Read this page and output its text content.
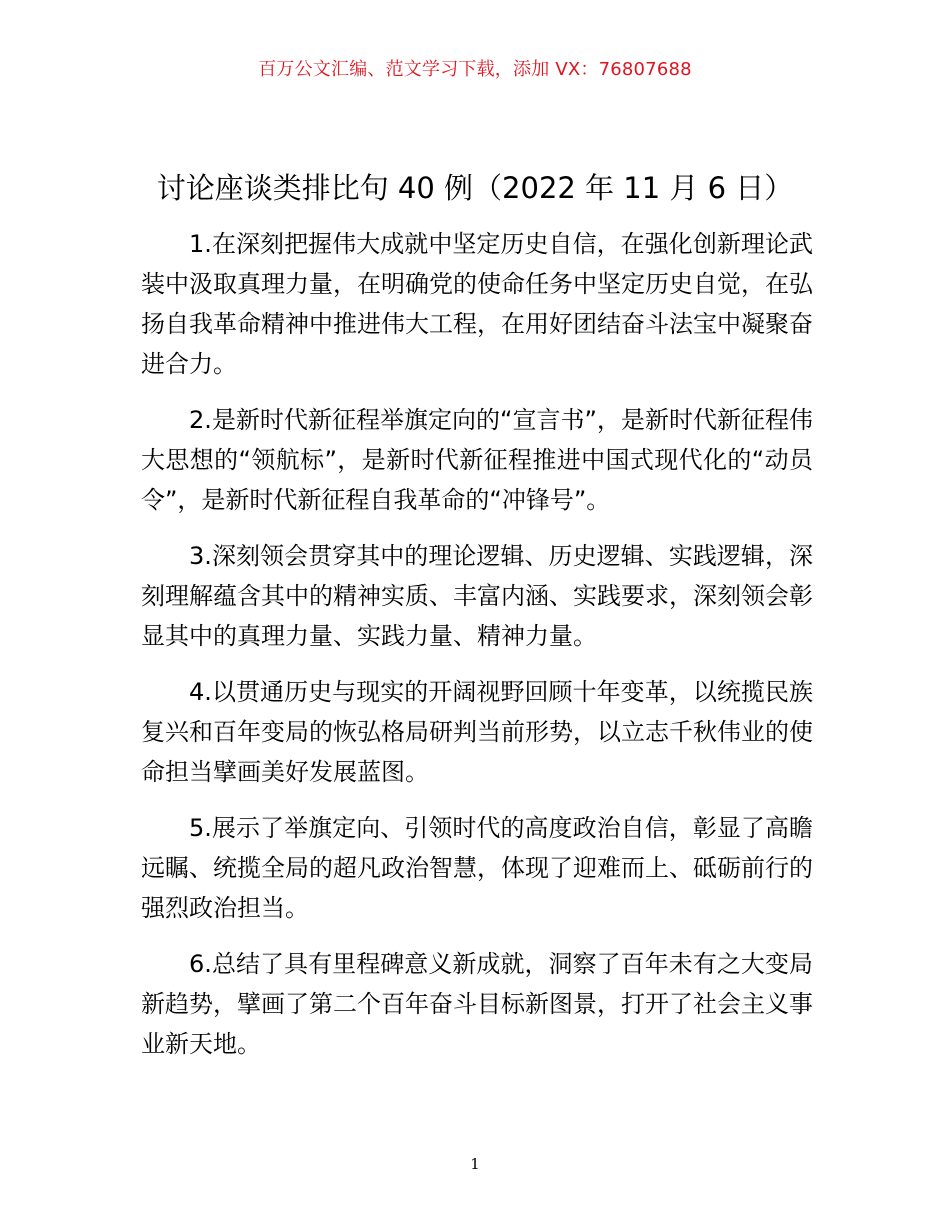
百万公文汇编、范文学习下载，添加 VX：76807688
讨论座谈类排比句 40 例（2022 年 11 月 6 日）

1.在深刻把握伟大成就中坚定历史自信，在强化创新理论武装中汲取真理力量，在明确党的使命任务中坚定历史自觉，在弘扬自我革命精神中推进伟大工程，在用好团结奋斗法宝中凝聚奋进合力。

2.是新时代新征程举旗定向的“宣言书”，是新时代新征程伟大思想的“领航标”，是新时代新征程推进中国式现代化的“动员令”，是新时代新征程自我革命的“冲锋号”。

3.深刻领会贯穿其中的理论逻辑、历史逻辑、实践逻辑，深刻理解蕴含其中的精神实质、丰富内涵、实践要求，深刻领会彰显其中的真理力量、实践力量、精神力量。

4.以贯通历史与现实的开阔视野回顾十年变革，以统揽民族复兴和百年变局的恢弘格局研判当前形势，以立志千秋伟业的使命担当擘画美好发展蓝图。

5.展示了举旗定向、引领时代的高度政治自信，彰显了高瞻远瞩、统揽全局的超凡政治智慧，体现了迎难而上、砥砺前行的强烈政治担当。

6.总结了具有里程碑意义新成就，洞察了百年未有之大变局新趋势，擘画了第二个百年奋斗目标新图景，打开了社会主义事业新天地。

1
